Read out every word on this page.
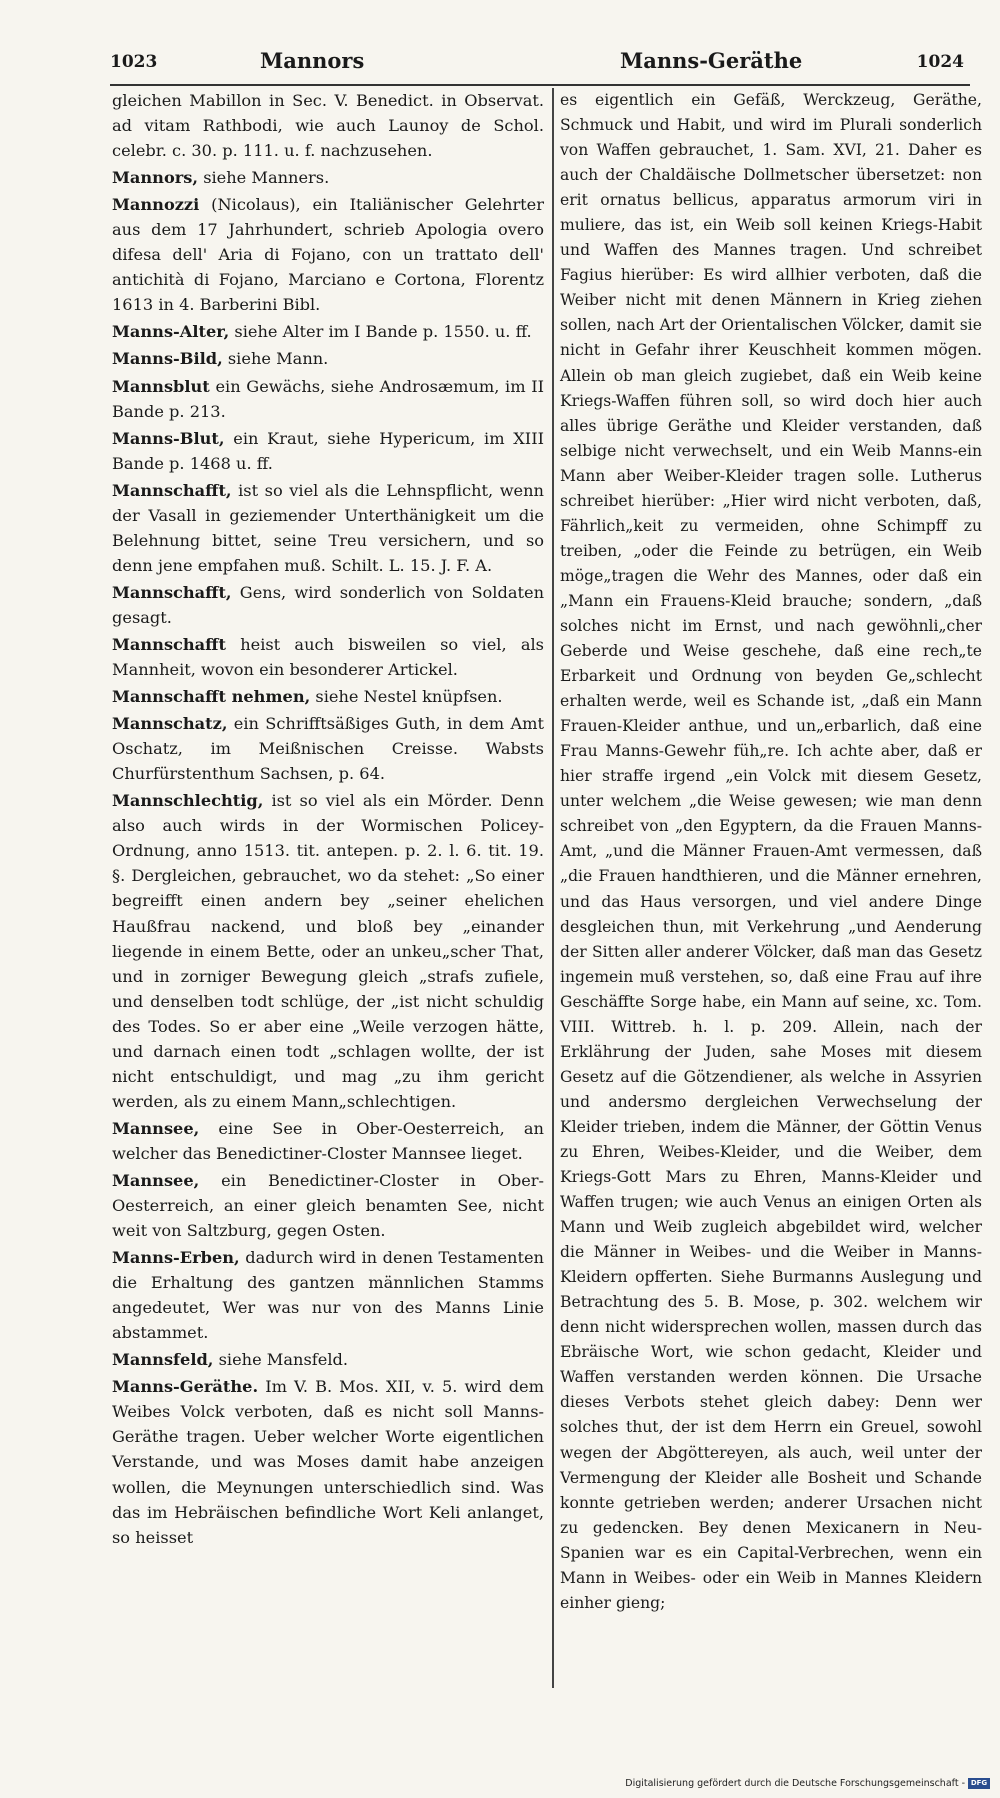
1023	Mannors	Manns-Geräthe	1024

gleichen Mabillon in Sec. V. Benedict. in Observat. ad vitam Rathbodi, wie auch Launoy de Schol. celebr. c. 30. p. 111. u. f. nachzusehen.

Mannors, siehe Manners.

Mannozzi (Nicolaus), ein Italiänischer Gelehrter aus dem 17 Jahrhundert, schrieb Apologia overo difesa dell' Aria di Fojano, con un trattato dell' antichità di Fojano, Marciano e Cortona, Florentz 1613 in 4. Barberini Bibl.

Manns-Alter, siehe Alter im I Bande p. 1550. u. ff.

Manns-Bild, siehe Mann.

Mannsblut ein Gewächs, siehe Androsæmum, im II Bande p. 213.

Manns-Blut, ein Kraut, siehe Hypericum, im XIII Bande p. 1468 u. ff.

Mannschafft, ist so viel als die Lehnspflicht, wenn der Vasall in geziemender Unterthänigkeit um die Belehnung bittet, seine Treu versichern, und so denn jene empfahen muß. Schilt. L. 15. J. F. A.

Mannschafft, Gens, wird sonderlich von Soldaten gesagt.

Mannschafft heist auch bisweilen so viel, als Mannheit, wovon ein besonderer Artickel.

Mannschafft nehmen, siehe Nestel knüpfsen.

Mannschatz, ein Schrifftsäßiges Guth, in dem Amt Oschatz, im Meißnischen Creisse. Wabsts Churfürstenthum Sachsen, p. 64.

Mannschlechtig, ist so viel als ein Mörder. Denn also auch wirds in der Wormischen Policey-Ordnung, anno 1513. tit. antepen. p. 2. l. 6. tit. 19. §. Dergleichen, gebrauchet, wo da stehet: „So einer begreifft einen andern bey „seiner ehelichen Haußfrau nackend, und bloß bey „einander liegende in einem Bette, oder an unkeu„scher That, und in zorniger Bewegung gleich „strafs zufiele, und denselben todt schlüge, der „ist nicht schuldig des Todes. So er aber eine „Weile verzogen hätte, und darnach einen todt „schlagen wollte, der ist nicht entschuldigt, und mag „zu ihm gericht werden, als zu einem Mann„schlechtigen.

Mannsee, eine See in Ober-Oesterreich, an welcher das Benedictiner-Closter Mannsee lieget.

Mannsee, ein Benedictiner-Closter in Ober-Oesterreich, an einer gleich benamten See, nicht weit von Saltzburg, gegen Osten.

Manns-Erben, dadurch wird in denen Testamenten die Erhaltung des gantzen männlichen Stamms angedeutet, Wer was nur von des Manns Linie abstammet.

Mannsfeld, siehe Mansfeld.

Manns-Geräthe. Im V. B. Mos. XII, v. 5. wird dem Weibes Volck verboten, daß es nicht soll Manns-Geräthe tragen. Ueber welcher Worte eigentlichen Verstande, und was Moses damit habe anzeigen wollen, die Meynungen unterschiedlich sind. Was das im Hebräischen befindliche Wort Keli anlanget, so heisset

es eigentlich ein Gefäß, Werckzeug, Geräthe, Schmuck und Habit, und wird im Plurali sonderlich von Waffen gebrauchet, 1. Sam. XVI, 21. Daher es auch der Chaldäische Dollmetscher übersetzet: non erit ornatus bellicus, apparatus armorum viri in muliere, das ist, ein Weib soll keinen Kriegs-Habit und Waffen des Mannes tragen. Und schreibet Fagius hierüber: Es wird allhier verboten, daß die Weiber nicht mit denen Männern in Krieg ziehen sollen, nach Art der Orientalischen Völcker, damit sie nicht in Gefahr ihrer Keuschheit kommen mögen. Allein ob man gleich zugiebet, daß ein Weib keine Kriegs-Waffen führen soll, so wird doch hier auch alles übrige Geräthe und Kleider verstanden, daß selbige nicht verwechselt, und ein Weib Manns-ein Mann aber Weiber-Kleider tragen solle. Lutherus schreibet hierüber: „Hier wird nicht verboten, daß, Fährlich„keit zu vermeiden, ohne Schimpff zu treiben, „oder die Feinde zu betrügen, ein Weib möge„tragen die Wehr des Mannes, oder daß ein „Mann ein Frauens-Kleid brauche; sondern, „daß solches nicht im Ernst, und nach gewöhnli„cher Geberde und Weise geschehe, daß eine rech„te Erbarkeit und Ordnung von beyden Ge„schlecht erhalten werde, weil es Schande ist, „daß ein Mann Frauen-Kleider anthue, und un„erbarlich, daß eine Frau Manns-Gewehr füh„re. Ich achte aber, daß er hier straffe irgend „ein Volck mit diesem Gesetz, unter welchem „die Weise gewesen; wie man denn schreibet von „den Egyptern, da die Frauen Manns-Amt, „und die Männer Frauen-Amt vermessen, daß „die Frauen handthieren, und die Männer ernehren, und das Haus versorgen, und viel andere Dinge desgleichen thun, mit Verkehrung „und Aenderung der Sitten aller anderer Völcker, daß man das Gesetz ingemein muß verstehen, so, daß eine Frau auf ihre Geschäffte Sorge habe, ein Mann auf seine, xc. Tom. VIII. Wittreb. h. l. p. 209. Allein, nach der Erklährung der Juden, sahe Moses mit diesem Gesetz auf die Götzendiener, als welche in Assyrien und andersmo dergleichen Verwechselung der Kleider trieben, indem die Männer, der Göttin Venus zu Ehren, Weibes-Kleider, und die Weiber, dem Kriegs-Gott Mars zu Ehren, Manns-Kleider und Waffen trugen; wie auch Venus an einigen Orten als Mann und Weib zugleich abgebildet wird, welcher die Männer in Weibes- und die Weiber in Manns-Kleidern opfferten. Siehe Burmanns Auslegung und Betrachtung des 5. B. Mose, p. 302. welchem wir denn nicht widersprechen wollen, massen durch das Ebräische Wort, wie schon gedacht, Kleider und Waffen verstanden werden können. Die Ursache dieses Verbots stehet gleich dabey: Denn wer solches thut, der ist dem Herrn ein Greuel, sowohl wegen der Abgöttereyen, als auch, weil unter der Vermengung der Kleider alle Bosheit und Schande konnte getrieben werden; anderer Ursachen nicht zu gedencken. Bey denen Mexicanern in Neu-Spanien war es ein Capital-Verbrechen, wenn ein Mann in Weibes- oder ein Weib in Mannes Kleidern einher gieng;

Digitalisierung gefördert durch die Deutsche Forschungsgemeinschaft - DFG
